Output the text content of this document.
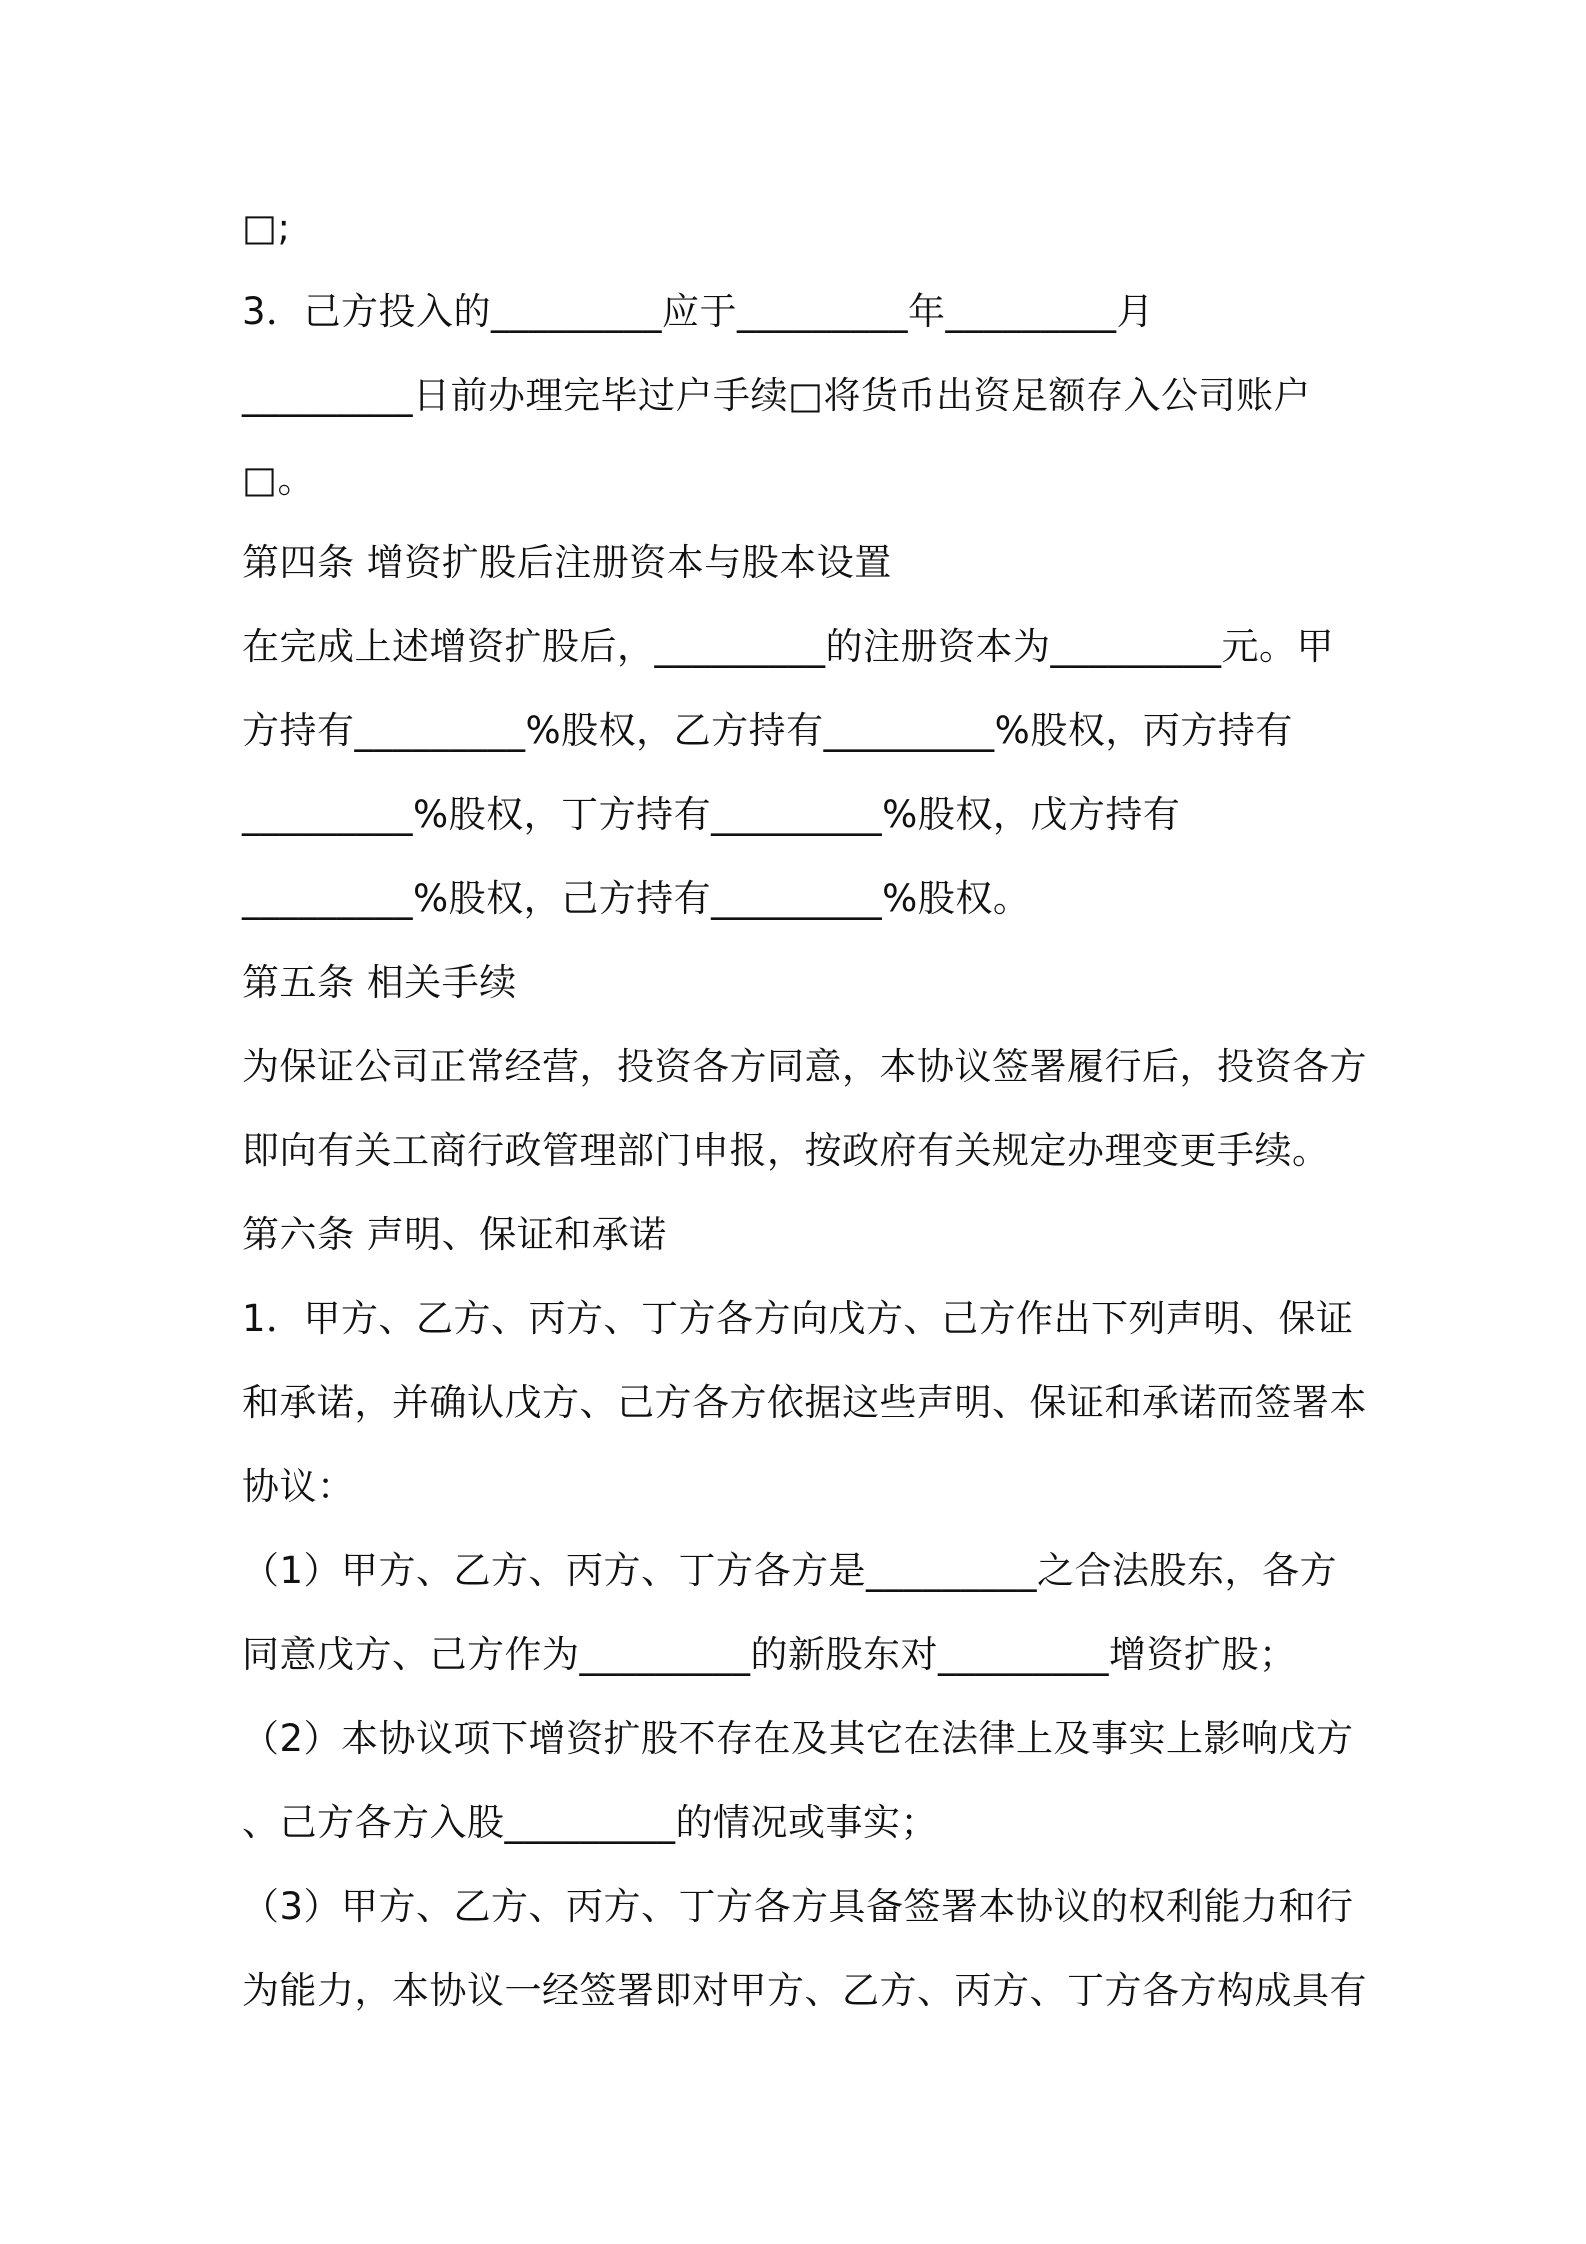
□;
3．己方投入的_________应于_________年_________月
_________日前办理完毕过户手续□将货币出资足额存入公司账户
□。
第四条 增资扩股后注册资本与股本设置
在完成上述增资扩股后，_________的注册资本为_________元。甲
方持有_________%股权，乙方持有_________%股权，丙方持有
_________%股权，丁方持有_________%股权，戊方持有
_________%股权，己方持有_________%股权。
第五条 相关手续
为保证公司正常经营，投资各方同意，本协议签署履行后，投资各方
即向有关工商行政管理部门申报，按政府有关规定办理变更手续。
第六条 声明、保证和承诺
1．甲方、乙方、丙方、丁方各方向戊方、己方作出下列声明、保证
和承诺，并确认戊方、己方各方依据这些声明、保证和承诺而签署本
协议：
（1）甲方、乙方、丙方、丁方各方是_________之合法股东，各方
同意戊方、己方作为_________的新股东对_________增资扩股；
（2）本协议项下增资扩股不存在及其它在法律上及事实上影响戊方
、己方各方入股_________的情况或事实；
（3）甲方、乙方、丙方、丁方各方具备签署本协议的权利能力和行
为能力，本协议一经签署即对甲方、乙方、丙方、丁方各方构成具有
